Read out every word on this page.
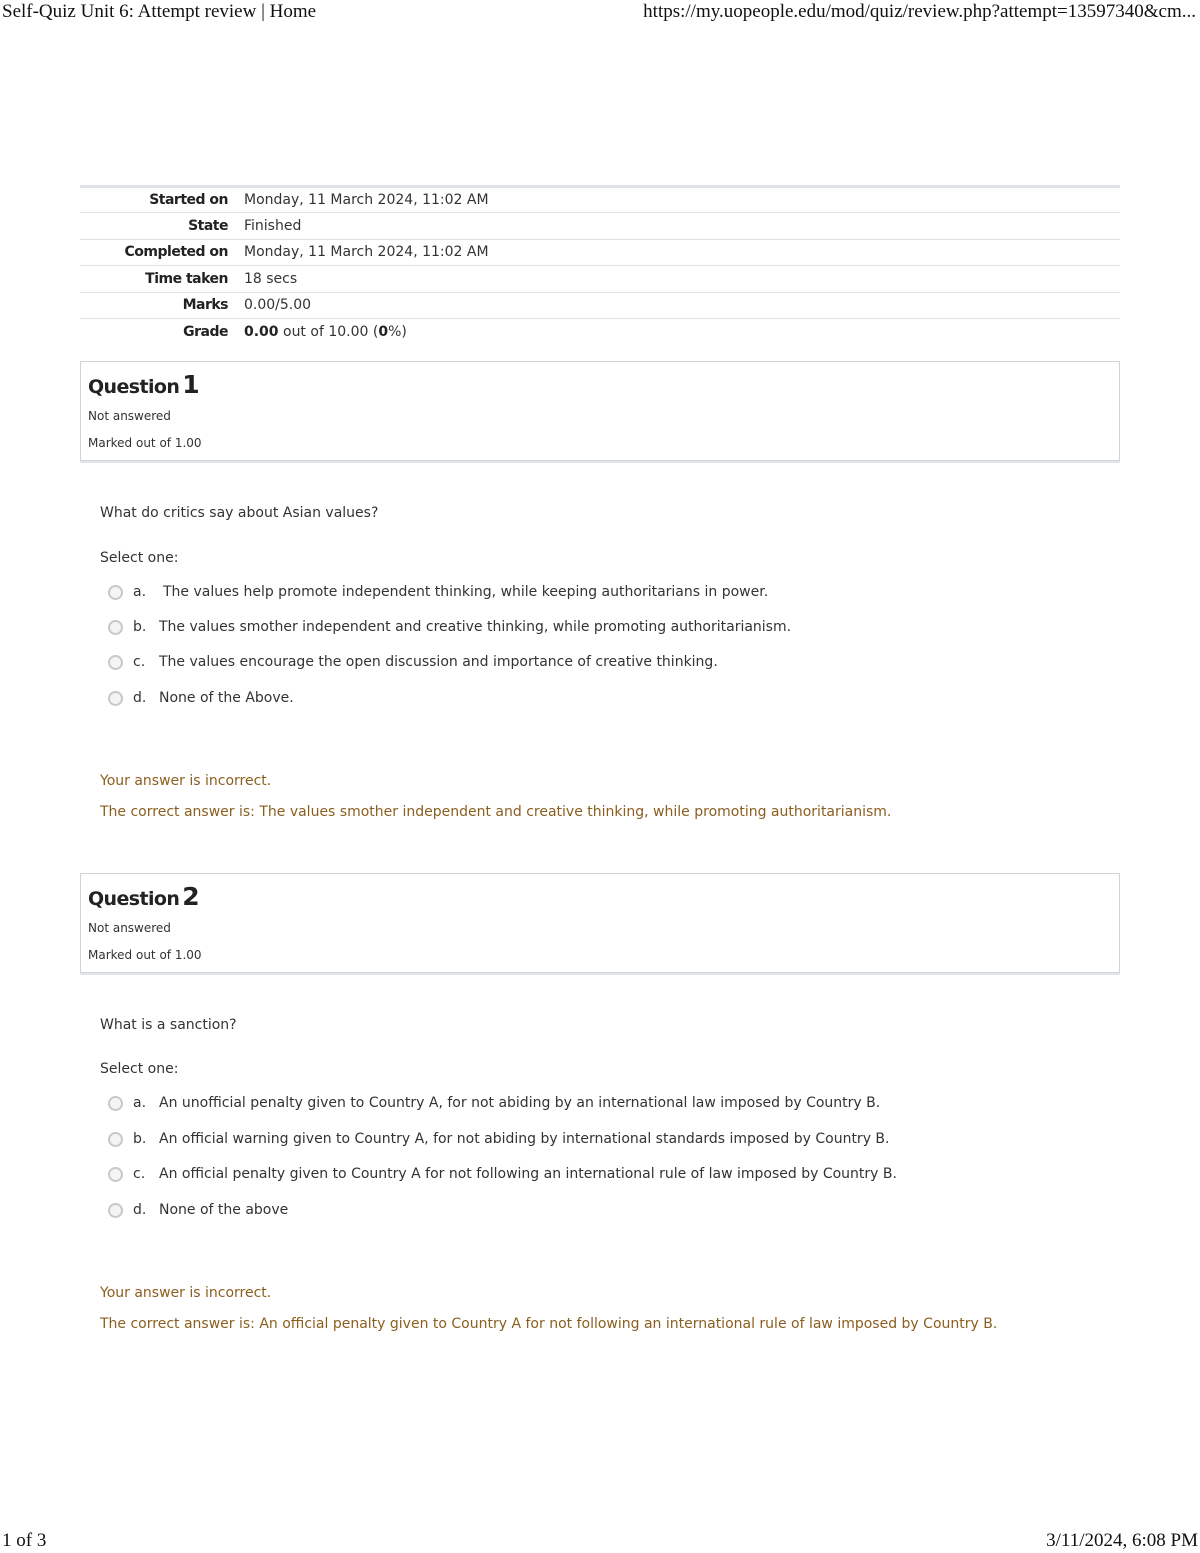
Self-Quiz Unit 6: Attempt review | Home	https://my.uopeople.edu/mod/quiz/review.php?attempt=13597340&cm...
Started on	Monday, 11 March 2024, 11:02 AM
State	Finished
Completed on	Monday, 11 March 2024, 11:02 AM
Time taken	18 secs
Marks	0.00/5.00
Grade	0.00 out of 10.00 (0%)
Question 1
Not answered
Marked out of 1.00
What do critics say about Asian values?
Select one:
a. The values help promote independent thinking, while keeping authoritarians in power.
b. The values smother independent and creative thinking, while promoting authoritarianism.
c. The values encourage the open discussion and importance of creative thinking.
d. None of the Above.
Your answer is incorrect.
The correct answer is: The values smother independent and creative thinking, while promoting authoritarianism.
Question 2
Not answered
Marked out of 1.00
What is a sanction?
Select one:
a. An unofficial penalty given to Country A, for not abiding by an international law imposed by Country B.
b. An official warning given to Country A, for not abiding by international standards imposed by Country B.
c. An official penalty given to Country A for not following an international rule of law imposed by Country B.
d. None of the above
Your answer is incorrect.
The correct answer is: An official penalty given to Country A for not following an international rule of law imposed by Country B.
1 of 3	3/11/2024, 6:08 PM
